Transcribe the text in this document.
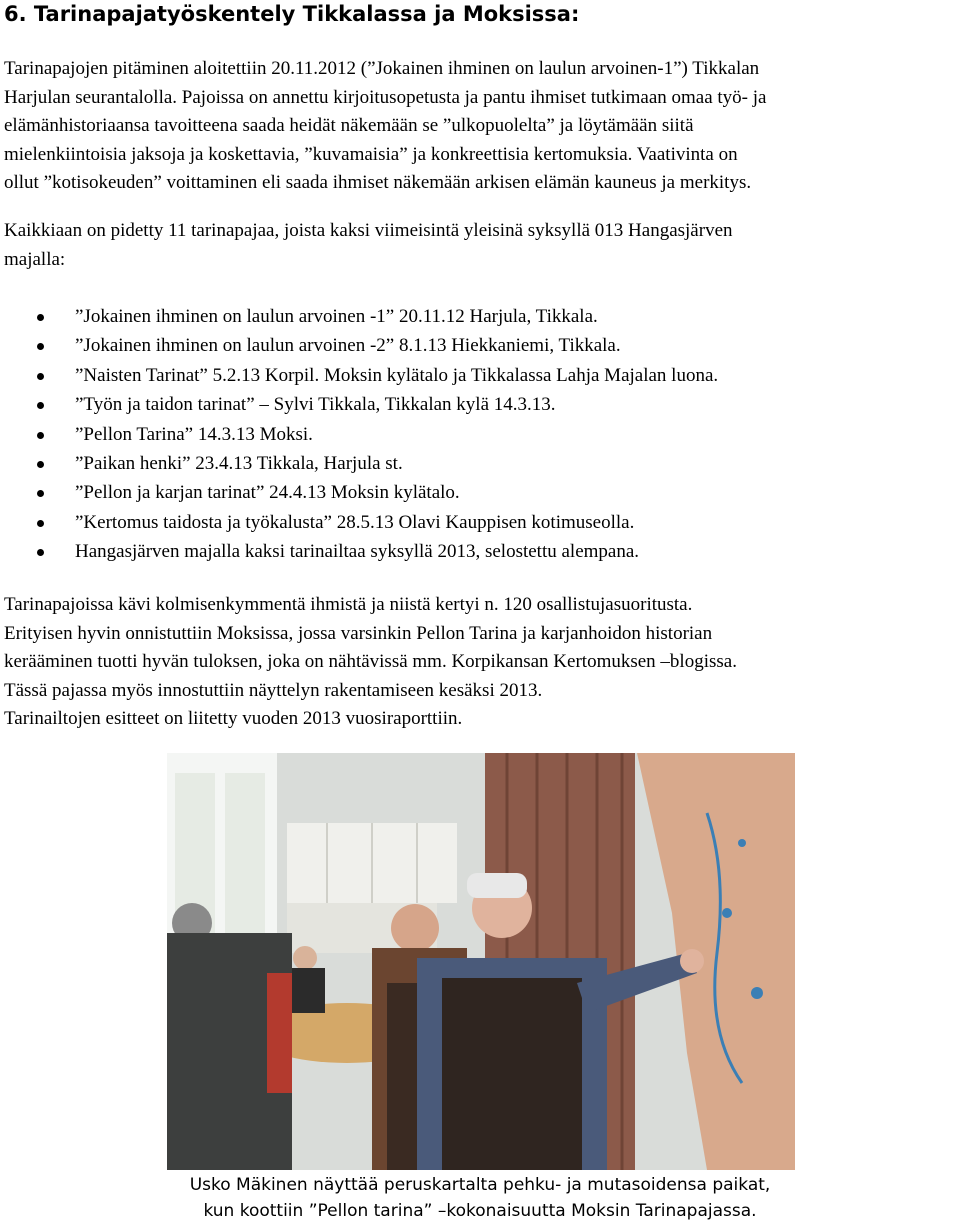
6. Tarinapajatyöskentely Tikkalassa ja Moksissa:

Tarinapajojen pitäminen aloitettiin 20.11.2012 (”Jokainen ihminen on laulun arvoinen-1”) Tikkalan
Harjulan seurantalolla. Pajoissa on annettu kirjoitusopetusta ja pantu ihmiset tutkimaan omaa työ- ja
elämänhistoriaansa tavoitteena saada heidät näkemään se ”ulkopuolelta” ja löytämään siitä
mielenkiintoisia jaksoja ja koskettavia, ”kuvamaisia” ja konkreettisia kertomuksia. Vaativinta on
ollut ”kotisokeuden” voittaminen eli saada ihmiset näkemään arkisen elämän kauneus ja merkitys.

Kaikkiaan on pidetty 11 tarinapajaa, joista kaksi viimeisintä yleisinä syksyllä 013 Hangasjärven
majalla:

”Jokainen ihminen on laulun arvoinen -1” 20.11.12 Harjula, Tikkala.
”Jokainen ihminen on laulun arvoinen -2” 8.1.13 Hiekkaniemi, Tikkala.
”Naisten Tarinat” 5.2.13 Korpil. Moksin kylätalo ja Tikkalassa Lahja Majalan luona.
”Työn ja taidon tarinat” – Sylvi Tikkala, Tikkalan kylä 14.3.13.
”Pellon Tarina” 14.3.13 Moksi.
”Paikan henki” 23.4.13 Tikkala, Harjula st.
”Pellon ja karjan tarinat” 24.4.13 Moksin kylätalo.
”Kertomus taidosta ja työkalusta” 28.5.13 Olavi Kauppisen kotimuseolla.
Hangasjärven majalla kaksi tarinailtaa syksyllä 2013, selostettu alempana.

Tarinapajoissa kävi kolmisenkymmentä ihmistä ja niistä kertyi n. 120 osallistujasuoritusta.
Erityisen hyvin onnistuttiin Moksissa, jossa varsinkin Pellon Tarina ja karjanhoidon historian
kerääminen tuotti hyvän tuloksen, joka on nähtävissä mm. Korpikansan Kertomuksen –blogissa.
Tässä pajassa myös innostuttiin näyttelyn rakentamiseen kesäksi 2013.
Tarinailtojen esitteet on liitetty vuoden 2013 vuosiraporttiin.

Usko Mäkinen näyttää peruskartalta pehku- ja mutasoidensa paikat,
kun koottiin ”Pellon tarina” –kokonaisuutta Moksin Tarinapajassa.
